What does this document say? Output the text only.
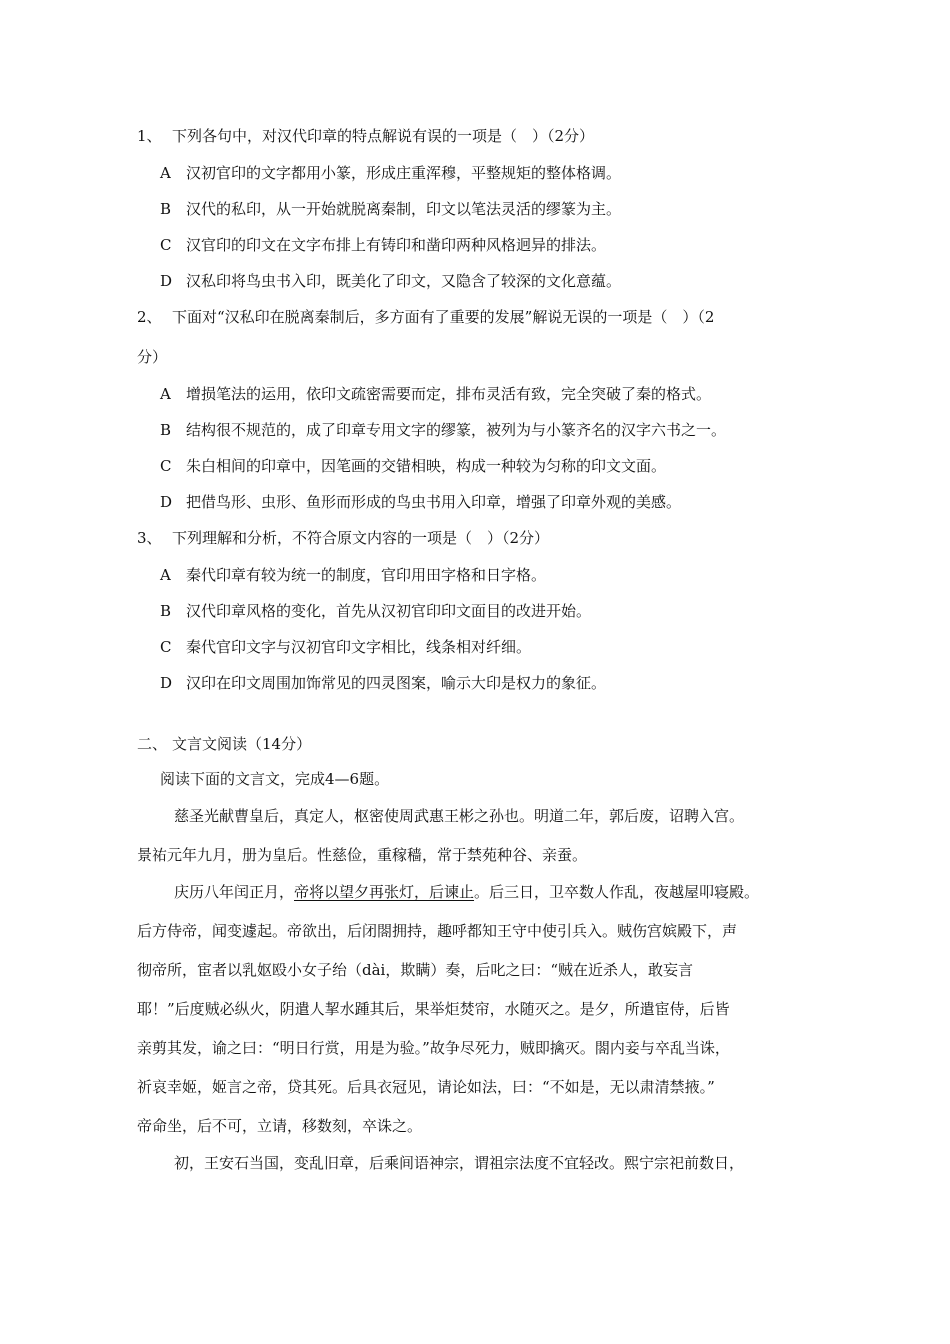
1、 下列各句中，对汉代印章的特点解说有误的一项是（　）（2分）
A 汉初官印的文字都用小篆，形成庄重浑穆，平整规矩的整体格调。
B 汉代的私印，从一开始就脱离秦制，印文以笔法灵活的缪篆为主。
C 汉官印的印文在文字布排上有铸印和凿印两种风格迥异的排法。
D 汉私印将鸟虫书入印，既美化了印文，又隐含了较深的文化意蕴。
2、 下面对“汉私印在脱离秦制后，多方面有了重要的发展”解说无误的一项是（　）（2
分）
A 增损笔法的运用，依印文疏密需要而定，排布灵活有致，完全突破了秦的格式。
B 结构很不规范的，成了印章专用文字的缪篆，被列为与小篆齐名的汉字六书之一。
C 朱白相间的印章中，因笔画的交错相映，构成一种较为匀称的印文文面。
D 把借鸟形、虫形、鱼形而形成的鸟虫书用入印章，增强了印章外观的美感。
3、 下列理解和分析，不符合原文内容的一项是（　）（2分）
A 秦代印章有较为统一的制度，官印用田字格和日字格。
B 汉代印章风格的变化，首先从汉初官印印文面目的改进开始。
C 秦代官印文字与汉初官印文字相比，线条相对纤细。
D 汉印在印文周围加饰常见的四灵图案，喻示大印是权力的象征。
二、 文言文阅读（14分）
阅读下面的文言文，完成4—6题。
慈圣光献曹皇后，真定人，枢密使周武惠王彬之孙也。明道二年，郭后废，诏聘入宫。
景祐元年九月，册为皇后。性慈俭，重稼穑，常于禁苑种谷、亲蚕。
庆历八年闰正月，帝将以望夕再张灯，后谏止。后三日，卫卒数人作乱，夜越屋叩寝殿。
后方侍帝，闻变遽起。帝欲出，后闭閤拥持，趣呼都知王守中使引兵入。贼伤宫嫔殿下，声
彻帝所，宦者以乳妪殴小女子绐（dài，欺瞒）奏，后叱之曰：“贼在近杀人，敢妄言
耶！”后度贼必纵火，阴遣人挈水踵其后，果举炬焚帘，水随灭之。是夕，所遣宦侍，后皆
亲剪其发，谕之曰：“明日行赏，用是为验。”故争尽死力，贼即擒灭。閤内妾与卒乱当诛，
祈哀幸姬，姬言之帝，贷其死。后具衣冠见，请论如法，曰：“不如是，无以肃清禁掖。”
帝命坐，后不可，立请，移数刻，卒诛之。
初，王安石当国，变乱旧章，后乘间语神宗，谓祖宗法度不宜轻改。熙宁宗祀前数日，
